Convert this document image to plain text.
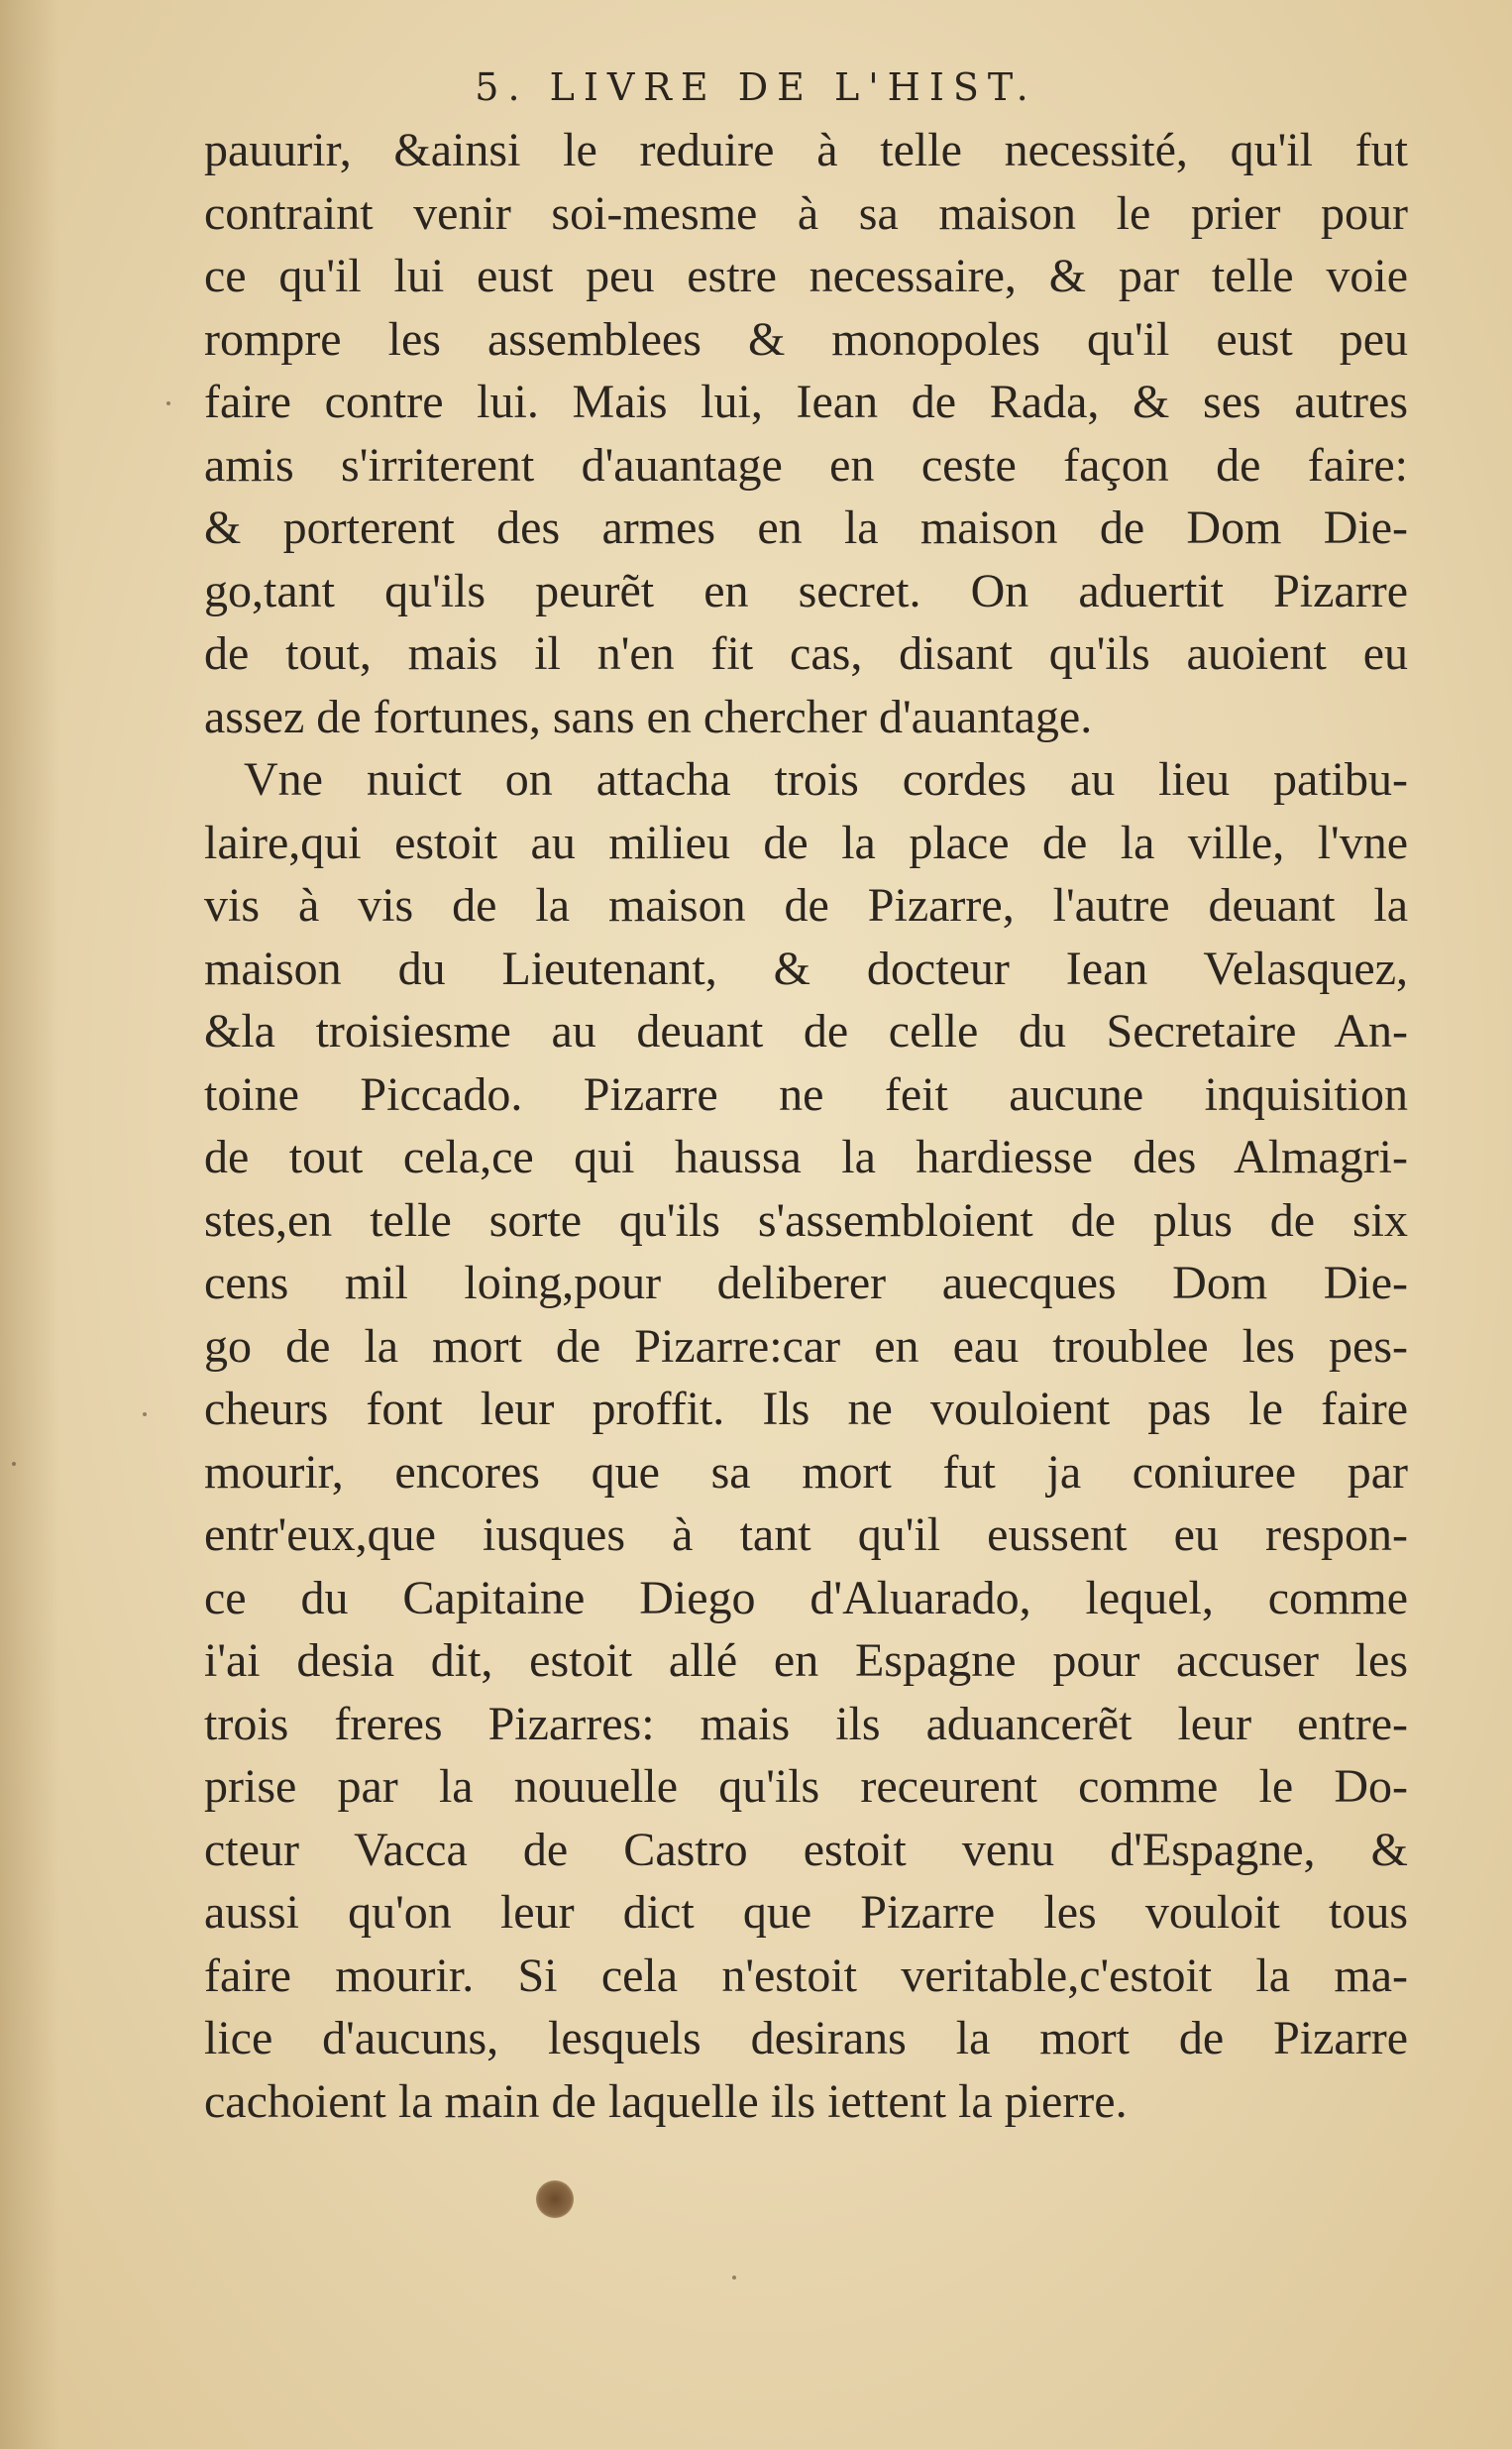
5. LIVRE DE L'HIST.
pauurir, &ainsi le reduire à telle necessité, qu'il fut
contraint venir soi-mesme à sa maison le prier pour
ce qu'il lui eust peu estre necessaire, & par telle voie
rompre les assemblees & monopoles qu'il eust peu
faire contre lui. Mais lui, Iean de Rada, & ses autres
amis s'irriterent d'auantage en ceste façon de faire:
& porterent des armes en la maison de Dom Die-
go,tant qu'ils peurẽt en secret. On aduertit Pizarre
de tout, mais il n'en fit cas, disant qu'ils auoient eu
assez de fortunes, sans en chercher d'auantage.
Vne nuict on attacha trois cordes au lieu patibu-
laire,qui estoit au milieu de la place de la ville, l'vne
vis à vis de la maison de Pizarre, l'autre deuant la
maison du Lieutenant, & docteur Iean Velasquez,
&la troisiesme au deuant de celle du Secretaire An-
toine Piccado. Pizarre ne feit aucune inquisition
de tout cela,ce qui haussa la hardiesse des Almagri-
stes,en telle sorte qu'ils s'assembloient de plus de six
cens mil loing,pour deliberer auecques Dom Die-
go de la mort de Pizarre:car en eau troublee les pes-
cheurs font leur proffit. Ils ne vouloient pas le faire
mourir, encores que sa mort fut ja coniuree par
entr'eux,que iusques à tant qu'il eussent eu respon-
ce du Capitaine Diego d'Aluarado, lequel, comme
i'ai desia dit, estoit allé en Espagne pour accuser les
trois freres Pizarres: mais ils aduancerẽt leur entre-
prise par la nouuelle qu'ils receurent comme le Do-
cteur Vacca de Castro estoit venu d'Espagne, &
aussi qu'on leur dict que Pizarre les vouloit tous
faire mourir. Si cela n'estoit veritable,c'estoit la ma-
lice d'aucuns, lesquels desirans la mort de Pizarre
cachoient la main de laquelle ils iettent la pierre.
